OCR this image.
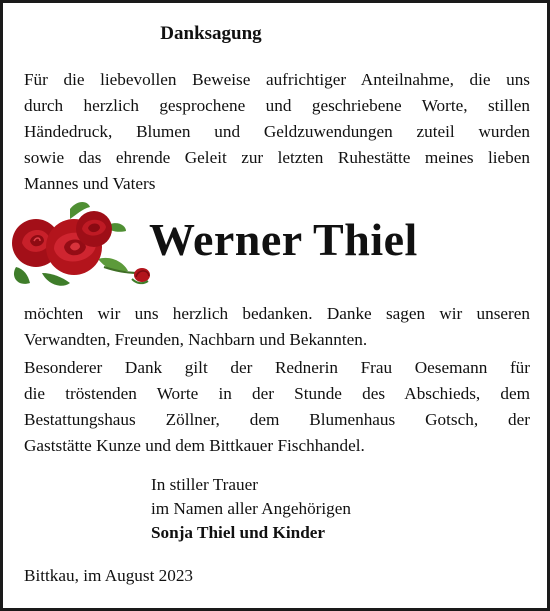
Danksagung
Für die liebevollen Beweise aufrichtiger Anteilnahme, die uns
durch herzlich gesprochene und geschriebene Worte, stillen
Händedruck, Blumen und Geldzuwendungen zuteil wurden
sowie das ehrende Geleit zur letzten Ruhestätte meines lieben
Mannes und Vaters
Werner Thiel
möchten wir uns herzlich bedanken. Danke sagen wir unseren
Verwandten, Freunden, Nachbarn und Bekannten.
Besonderer Dank gilt der Rednerin Frau Oesemann für
die tröstenden Worte in der Stunde des Abschieds, dem
Bestattungshaus Zöllner, dem Blumenhaus Gotsch, der
Gaststätte Kunze und dem Bittkauer Fischhandel.
In stiller Trauer
im Namen aller Angehörigen
Sonja Thiel und Kinder
Bittkau, im August 2023
